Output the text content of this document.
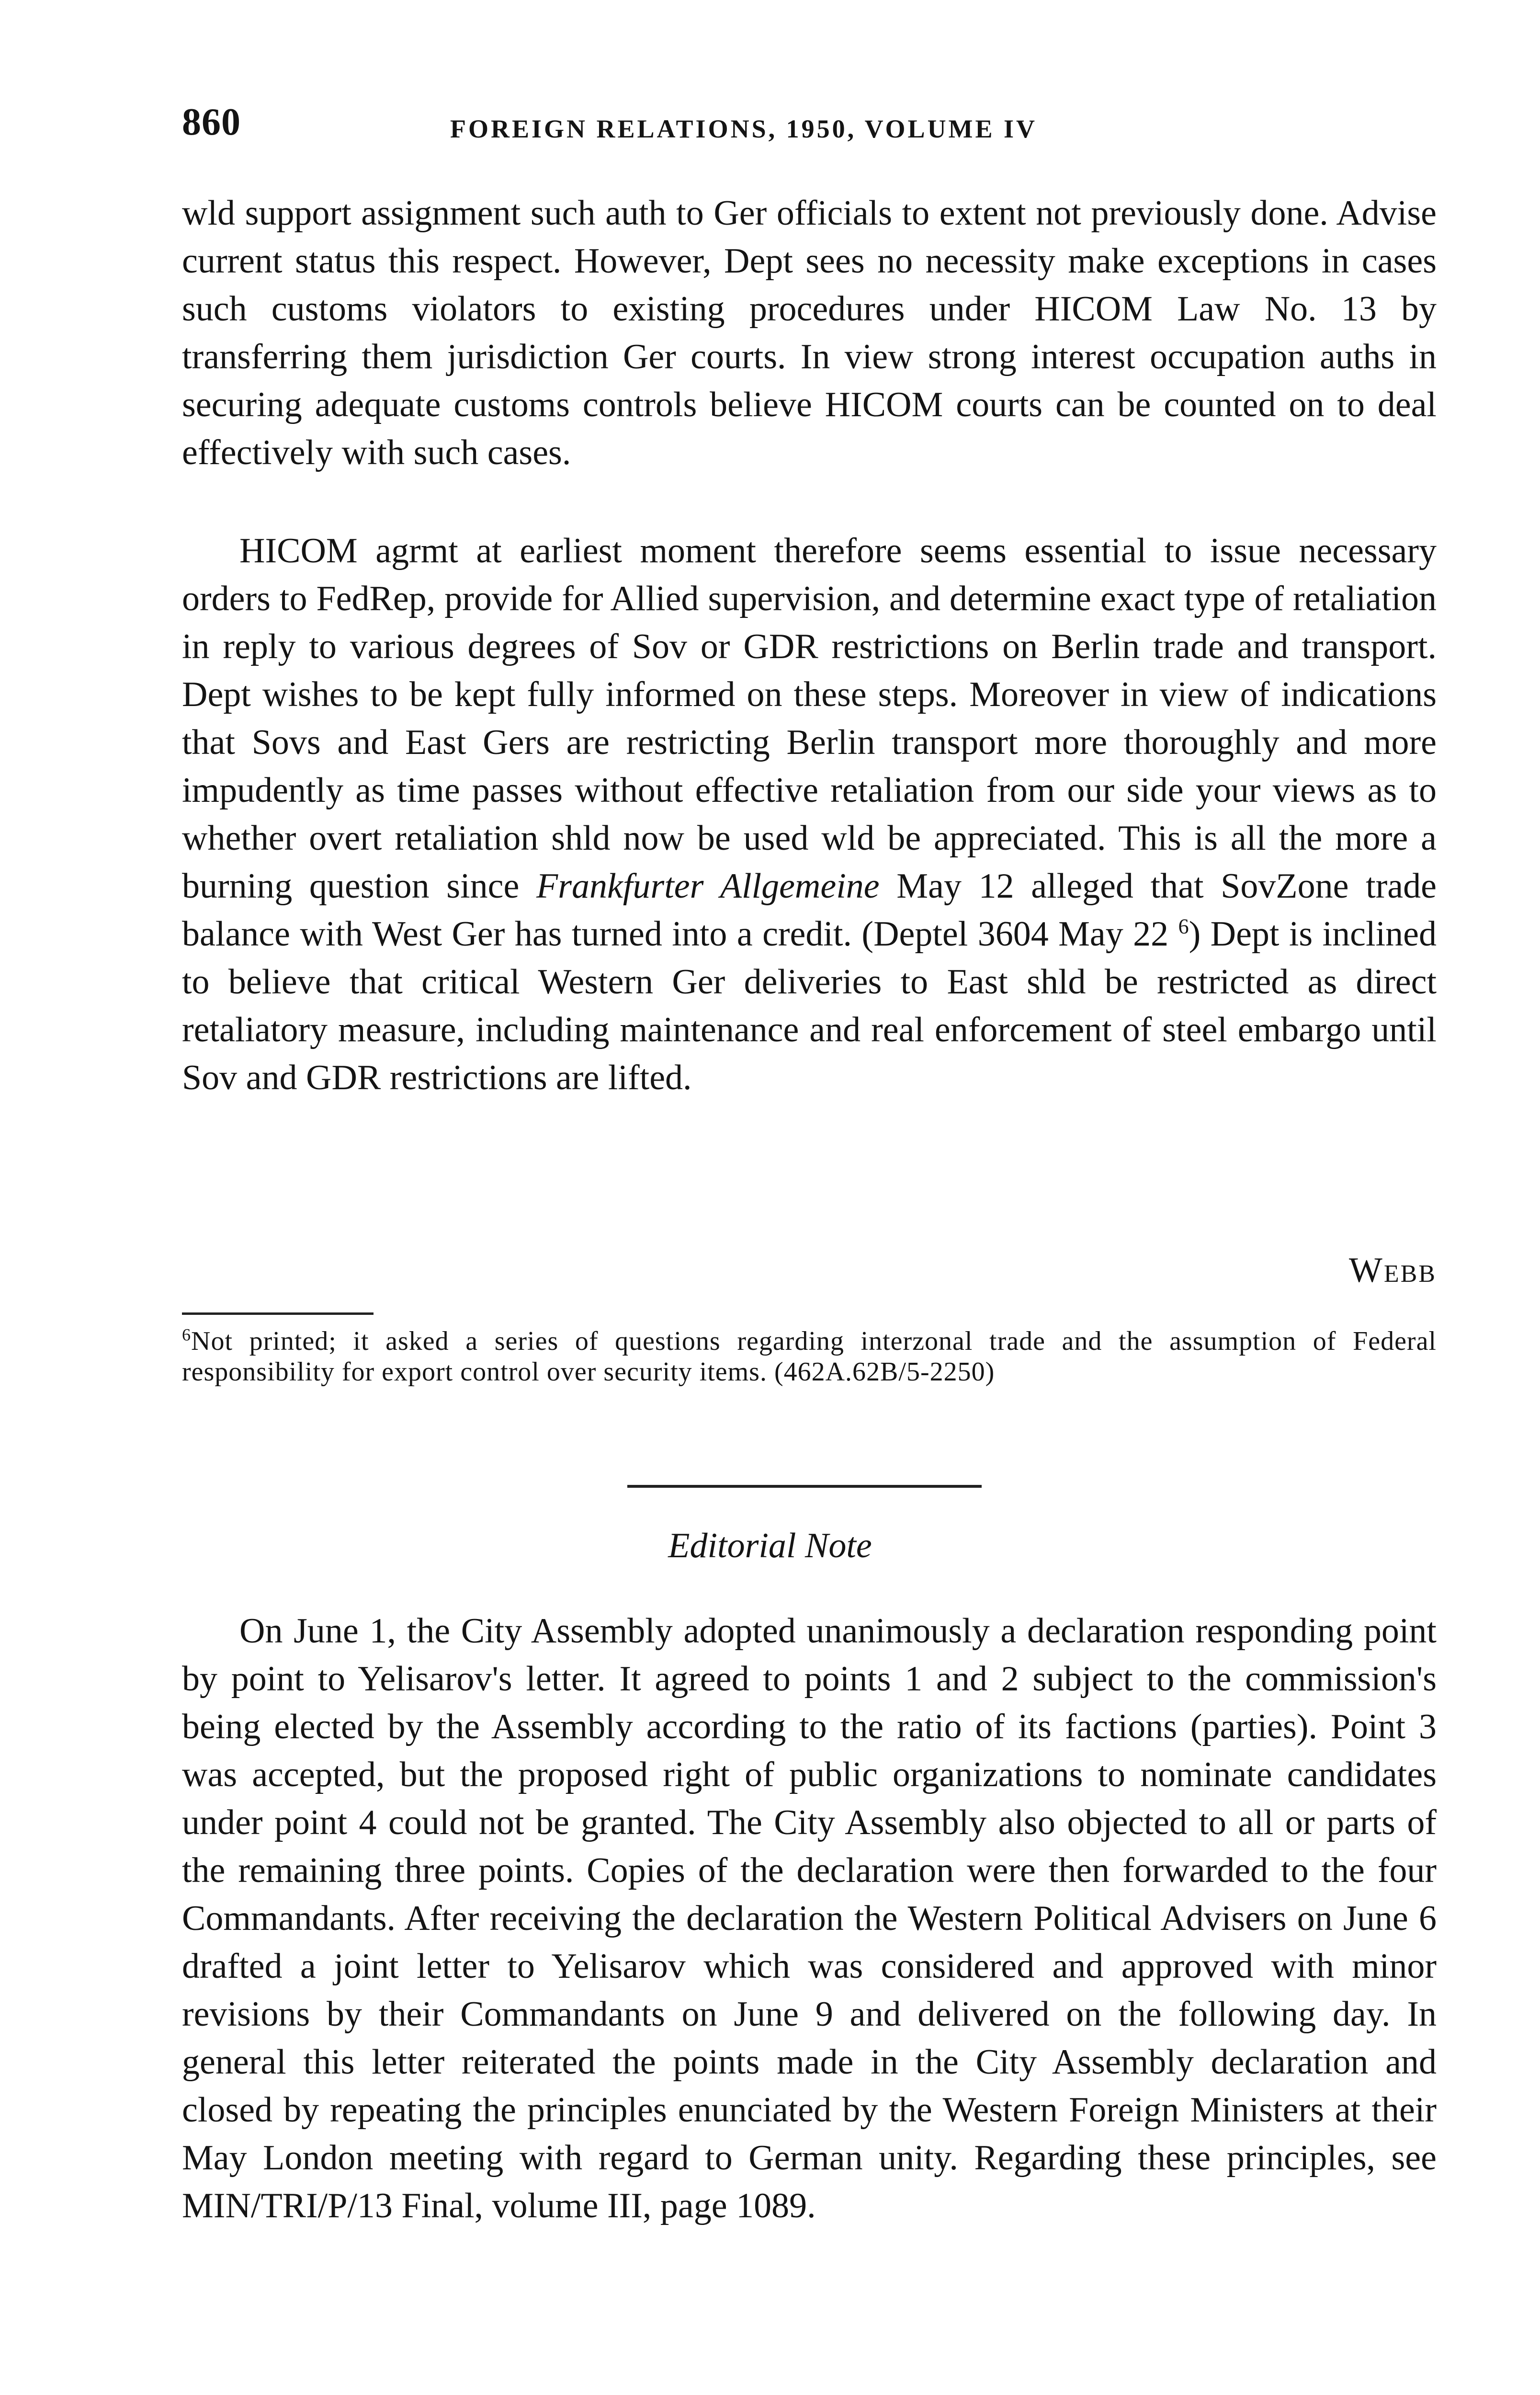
860	FOREIGN RELATIONS, 1950, VOLUME IV

wld support assignment such auth to Ger officials to extent not previously done. Advise current status this respect. However, Dept sees no necessity make exceptions in cases such customs violators to existing procedures under HICOM Law No. 13 by transferring them jurisdiction Ger courts. In view strong interest occupation auths in securing adequate customs controls believe HICOM courts can be counted on to deal effectively with such cases.

HICOM agrmt at earliest moment therefore seems essential to issue necessary orders to FedRep, provide for Allied supervision, and determine exact type of retaliation in reply to various degrees of Sov or GDR restrictions on Berlin trade and transport. Dept wishes to be kept fully informed on these steps. Moreover in view of indications that Sovs and East Gers are restricting Berlin transport more thoroughly and more impudently as time passes without effective retaliation from our side your views as to whether overt retaliation shld now be used wld be appreciated. This is all the more a burning question since Frankfurter Allgemeine May 12 alleged that SovZone trade balance with West Ger has turned into a credit. (Deptel 3604 May 22 $^6$) Dept is inclined to believe that critical Western Ger deliveries to East shld be restricted as direct retaliatory measure, including maintenance and real enforcement of steel embargo until Sov and GDR restrictions are lifted.

Webb

$^6$Not printed; it asked a series of questions regarding interzonal trade and the assumption of Federal responsibility for export control over security items. (462A.62B/5-2250)

Editorial Note

On June 1, the City Assembly adopted unanimously a declaration responding point by point to Yelisarov's letter. It agreed to points 1 and 2 subject to the commission's being elected by the Assembly according to the ratio of its factions (parties). Point 3 was accepted, but the proposed right of public organizations to nominate candidates under point 4 could not be granted. The City Assembly also objected to all or parts of the remaining three points. Copies of the declaration were then forwarded to the four Commandants. After receiving the declaration the Western Political Advisers on June 6 drafted a joint letter to Yelisarov which was considered and approved with minor revisions by their Commandants on June 9 and delivered on the following day. In general this letter reiterated the points made in the City Assembly declaration and closed by repeating the principles enunciated by the Western Foreign Ministers at their May London meeting with regard to German unity. Regarding these principles, see MIN/TRI/P/13 Final, volume III, page 1089.
